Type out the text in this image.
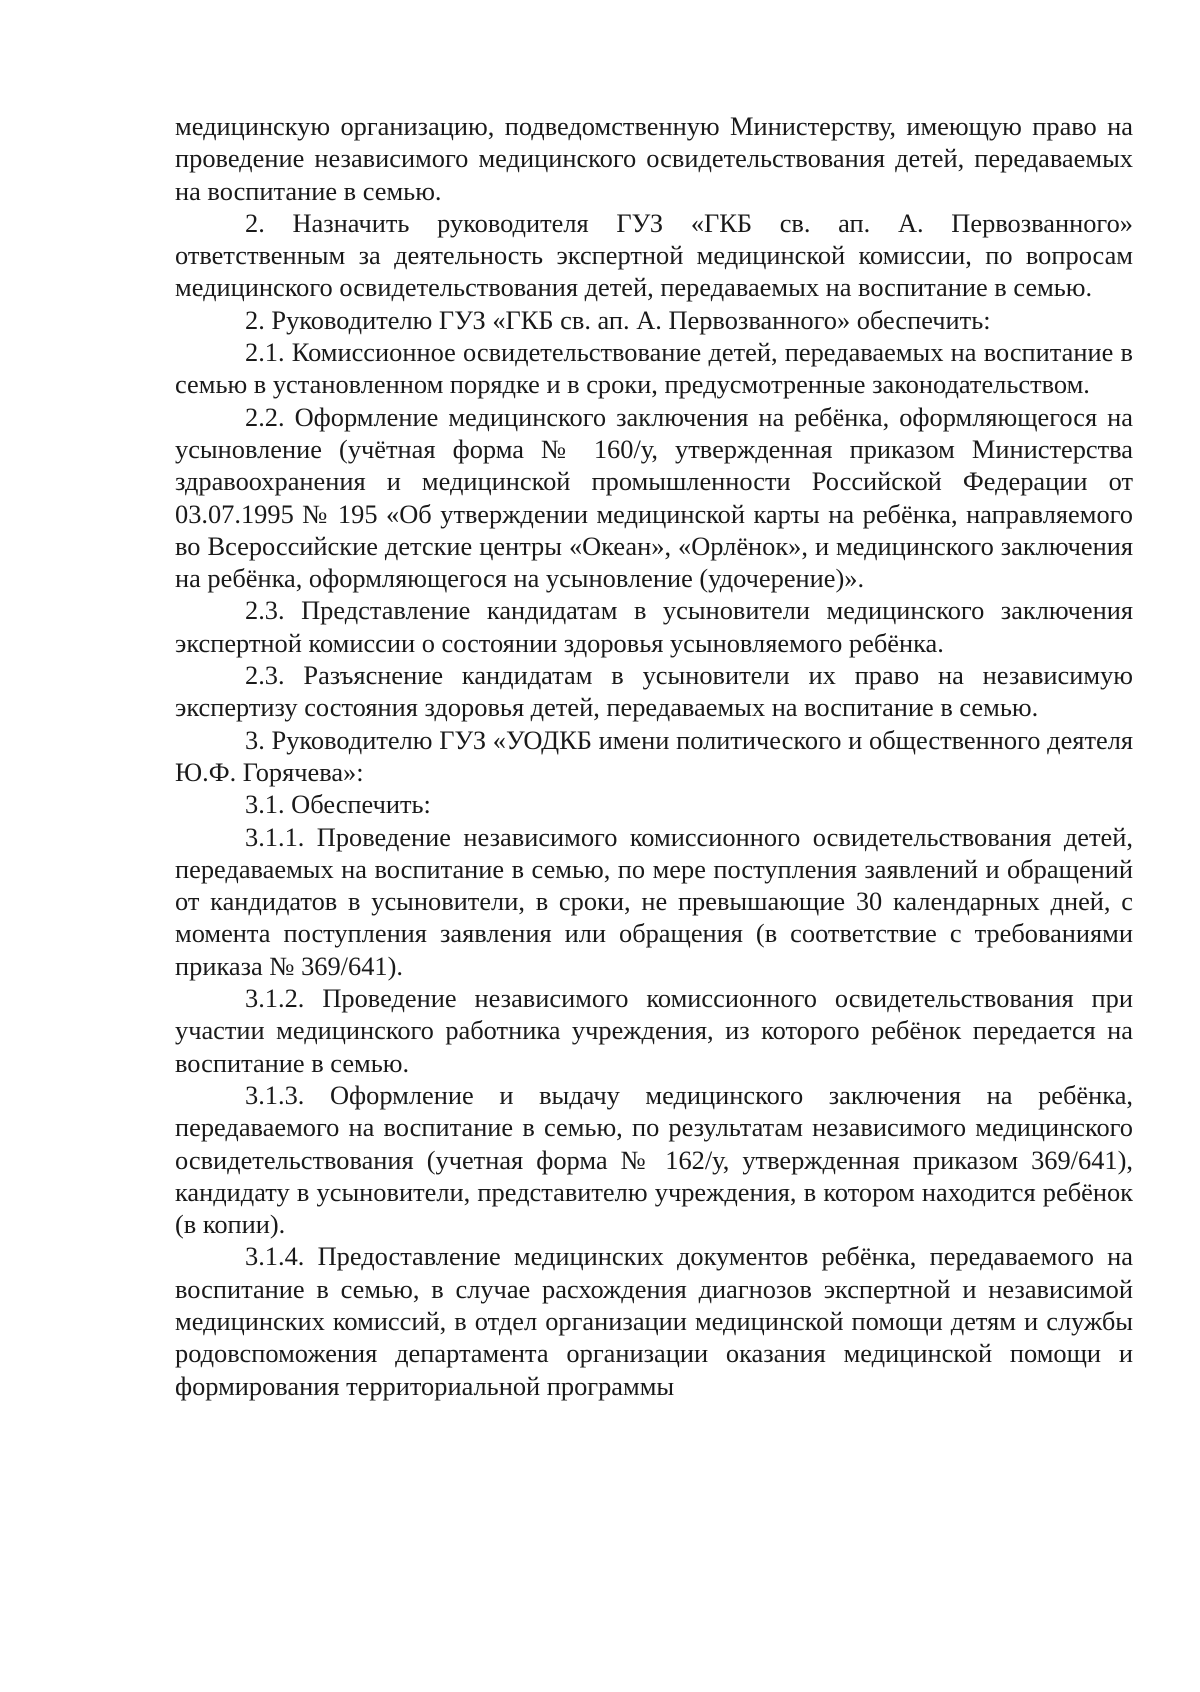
медицинскую организацию, подведомственную Министерству, имеющую право на проведение независимого медицинского освидетельствования детей, передаваемых на воспитание в семью.

2. Назначить руководителя ГУЗ «ГКБ св. ап. А. Первозванного» ответственным за деятельность экспертной медицинской комиссии, по вопросам медицинского освидетельствования детей, передаваемых на воспитание в семью.

2. Руководителю ГУЗ «ГКБ св. ап. А. Первозванного» обеспечить:

2.1. Комиссионное освидетельствование детей, передаваемых на воспитание в семью в установленном порядке и в сроки, предусмотренные законодательством.

2.2. Оформление медицинского заключения на ребёнка, оформляющегося на усыновление (учётная форма № 160/у, утвержденная приказом Министерства здравоохранения и медицинской промышленности Российской Федерации от 03.07.1995 № 195 «Об утверждении медицинской карты на ребёнка, направляемого во Всероссийские детские центры «Океан», «Орлёнок», и медицинского заключения на ребёнка, оформляющегося на усыновление (удочерение)».

2.3. Представление кандидатам в усыновители медицинского заключения экспертной комиссии о состоянии здоровья усыновляемого ребёнка.

2.3. Разъяснение кандидатам в усыновители их право на независимую экспертизу состояния здоровья детей, передаваемых на воспитание в семью.

3. Руководителю ГУЗ «УОДКБ имени политического и общественного деятеля Ю.Ф. Горячева»:

3.1. Обеспечить:

3.1.1. Проведение независимого комиссионного освидетельствования детей, передаваемых на воспитание в семью, по мере поступления заявлений и обращений от кандидатов в усыновители, в сроки, не превышающие 30 календарных дней, с момента поступления заявления или обращения (в соответствие с требованиями приказа № 369/641).

3.1.2. Проведение независимого комиссионного освидетельствования при участии медицинского работника учреждения, из которого ребёнок передается на воспитание в семью.

3.1.3. Оформление и выдачу медицинского заключения на ребёнка, передаваемого на воспитание в семью, по результатам независимого медицинского освидетельствования (учетная форма № 162/у, утвержденная приказом 369/641), кандидату в усыновители, представителю учреждения, в котором находится ребёнок (в копии).

3.1.4. Предоставление медицинских документов ребёнка, передаваемого на воспитание в семью, в случае расхождения диагнозов экспертной и независимой медицинских комиссий, в отдел организации медицинской помощи детям и службы родовспоможения департамента организации оказания медицинской помощи и формирования территориальной программы
